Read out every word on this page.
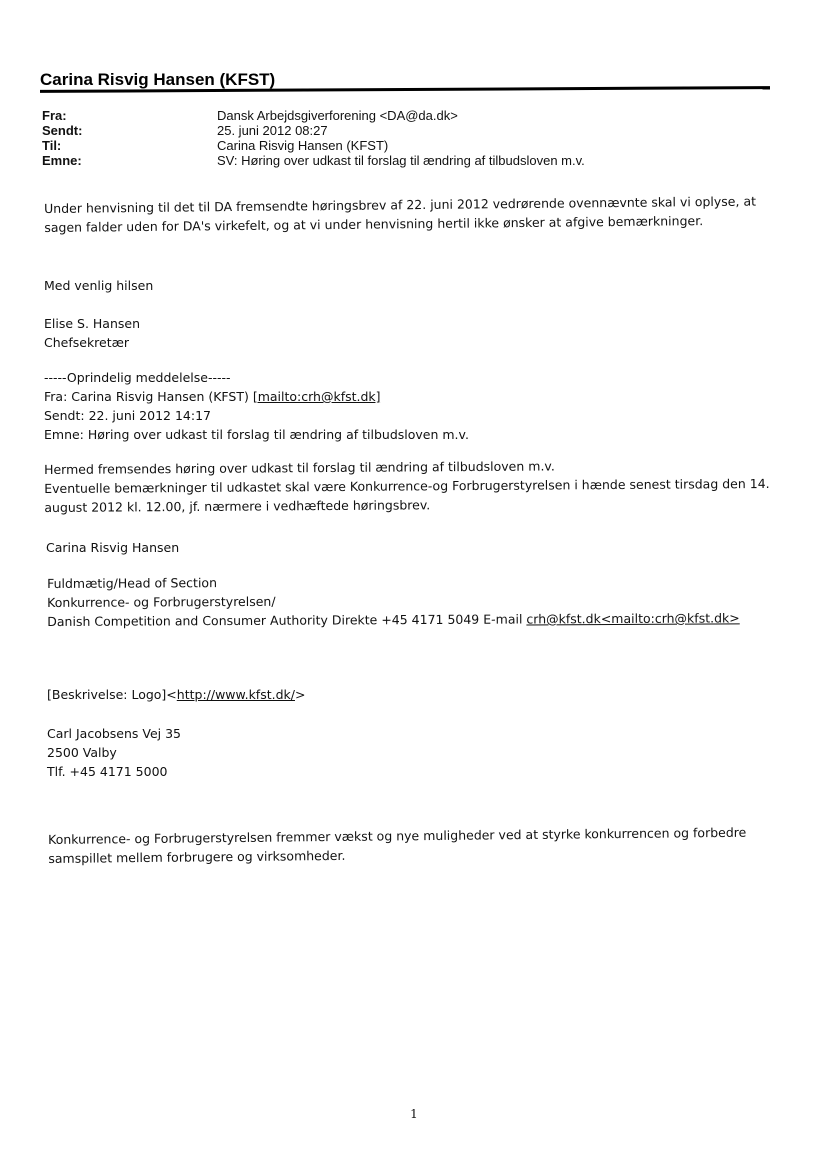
Carina Risvig Hansen (KFST)
Fra:	Dansk Arbejdsgiverforening <DA@da.dk>
Sendt:	25. juni 2012 08:27
Til:	Carina Risvig Hansen (KFST)
Emne:	SV: Høring over udkast til forslag til ændring af tilbudsloven m.v.
Under henvisning til det til DA fremsendte høringsbrev af 22. juni 2012 vedrørende ovennævnte skal vi oplyse, at
sagen falder uden for DA's virkefelt, og at vi under henvisning hertil ikke ønsker at afgive bemærkninger.
Med venlig hilsen
Elise S. Hansen
Chefsekretær
-----Oprindelig meddelelse-----
Fra: Carina Risvig Hansen (KFST) [mailto:crh@kfst.dk]
Sendt: 22. juni 2012 14:17
Emne: Høring over udkast til forslag til ændring af tilbudsloven m.v.
Hermed fremsendes høring over udkast til forslag til ændring af tilbudsloven m.v.
Eventuelle bemærkninger til udkastet skal være Konkurrence-og Forbrugerstyrelsen i hænde senest tirsdag den 14.
august 2012 kl. 12.00, jf. nærmere i vedhæftede høringsbrev.
Carina Risvig Hansen
Fuldmætig/Head of Section
Konkurrence- og Forbrugerstyrelsen/
Danish Competition and Consumer Authority Direkte +45 4171 5049 E-mail crh@kfst.dk<mailto:crh@kfst.dk>
[Beskrivelse: Logo]<http://www.kfst.dk/>
Carl Jacobsens Vej 35
2500 Valby
Tlf. +45 4171 5000
Konkurrence- og Forbrugerstyrelsen fremmer vækst og nye muligheder ved at styrke konkurrencen og forbedre
samspillet mellem forbrugere og virksomheder.
1
